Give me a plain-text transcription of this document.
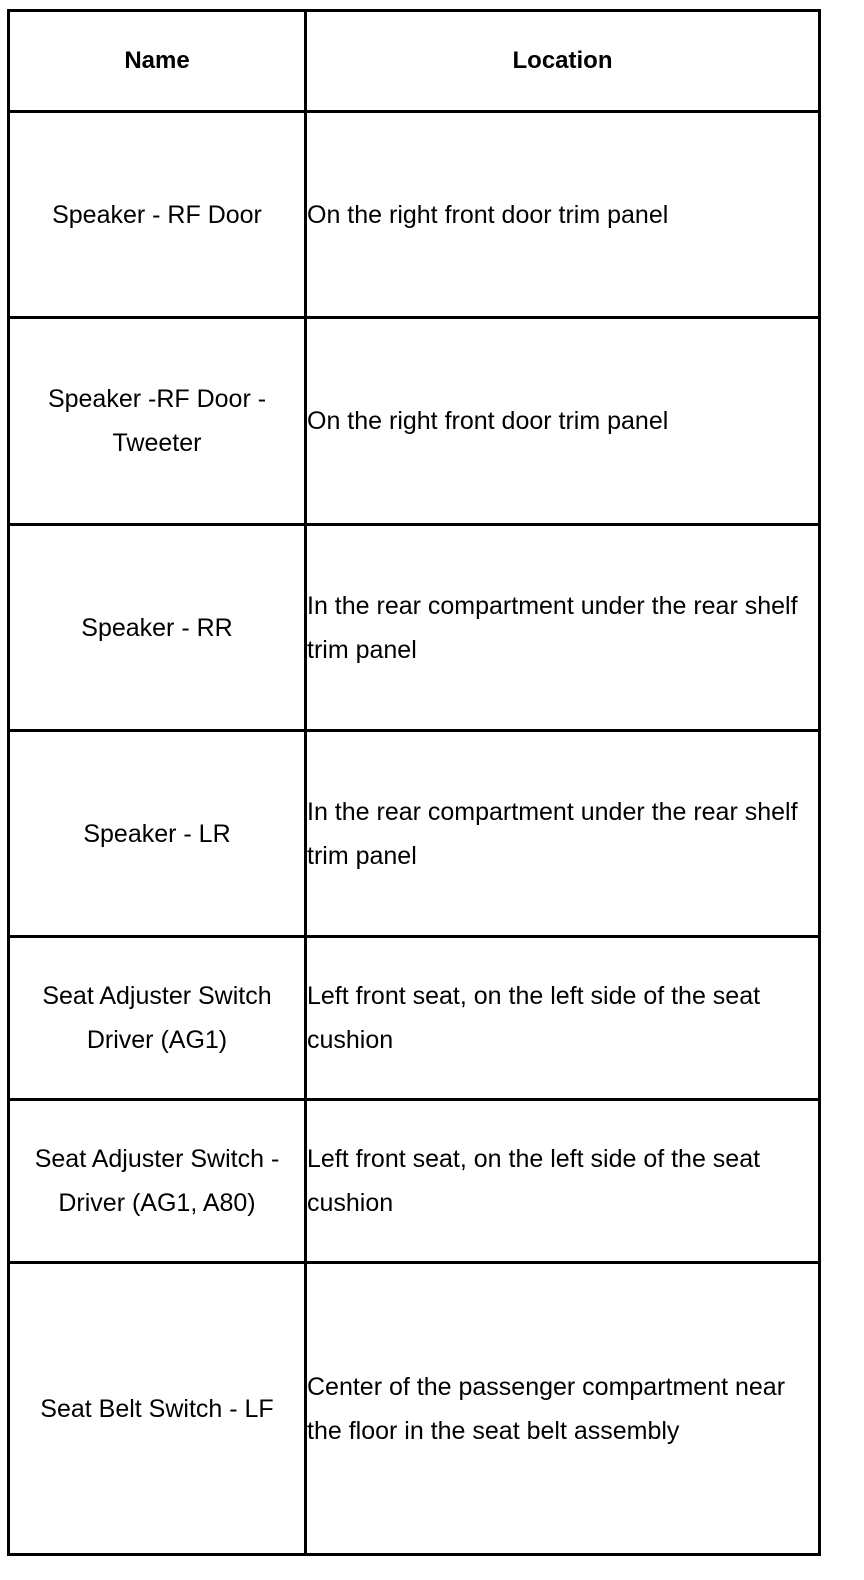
Name	Location
Speaker - RF Door	On the right front door trim panel
Speaker -RF Door - Tweeter	On the right front door trim panel
Speaker - RR	In the rear compartment under the rear shelf trim panel
Speaker - LR	In the rear compartment under the rear shelf trim panel
Seat Adjuster Switch Driver (AG1)	Left front seat, on the left side of the seat cushion
Seat Adjuster Switch - Driver (AG1, A80)	Left front seat, on the left side of the seat cushion
Seat Belt Switch - LF	Center of the passenger compartment near the floor in the seat belt assembly
